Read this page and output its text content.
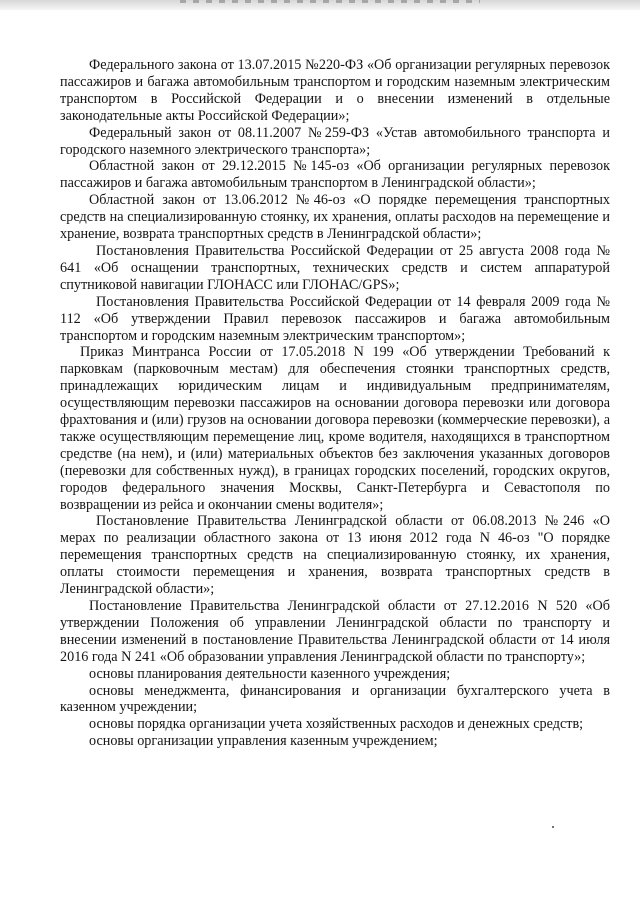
Федерального закона от 13.07.2015 №220-ФЗ «Об организации регулярных перевозок пассажиров и багажа автомобильным транспортом и городским наземным электрическим транспортом в Российской Федерации и о внесении изменений в отдельные законодательные акты Российской Федерации»;

Федеральный закон от 08.11.2007 №259-ФЗ «Устав автомобильного транспорта и городского наземного электрического транспорта»;

Областной закон от 29.12.2015 №145-оз «Об организации регулярных перевозок пассажиров и багажа автомобильным транспортом в Ленинградской области»;

Областной закон от 13.06.2012 №46-оз «О порядке перемещения транспортных средств на специализированную стоянку, их хранения, оплаты расходов на перемещение и хранение, возврата транспортных средств в Ленинградской области»;

Постановления Правительства Российской Федерации от 25 августа 2008 года № 641 «Об оснащении транспортных, технических средств и систем аппаратурой спутниковой навигации ГЛОНАСС или ГЛОНАС/GPS»;

Постановления Правительства Российской Федерации от 14 февраля 2009 года № 112 «Об утверждении Правил перевозок пассажиров и багажа автомобильным транспортом и городским наземным электрическим транспортом»;

Приказ Минтранса России от 17.05.2018 N 199 «Об утверждении Требований к парковкам (парковочным местам) для обеспечения стоянки транспортных средств, принадлежащих юридическим лицам и индивидуальным предпринимателям, осуществляющим перевозки пассажиров на основании договора перевозки или договора фрахтования и (или) грузов на основании договора перевозки (коммерческие перевозки), а также осуществляющим перемещение лиц, кроме водителя, находящихся в транспортном средстве (на нем), и (или) материальных объектов без заключения указанных договоров (перевозки для собственных нужд), в границах городских поселений, городских округов, городов федерального значения Москвы, Санкт-Петербурга и Севастополя по возвращении из рейса и окончании смены водителя»;

Постановление Правительства Ленинградской области от 06.08.2013 №246 «О мерах по реализации областного закона от 13 июня 2012 года N 46-оз "О порядке перемещения транспортных средств на специализированную стоянку, их хранения, оплаты стоимости перемещения и хранения, возврата транспортных средств в Ленинградской области»;

Постановление Правительства Ленинградской области от 27.12.2016 N 520 «Об утверждении Положения об управлении Ленинградской области по транспорту и внесении изменений в постановление Правительства Ленинградской области от 14 июля 2016 года N 241 «Об образовании управления Ленинградской области по транспорту»;

основы планирования деятельности казенного учреждения;

основы менеджмента, финансирования и организации бухгалтерского учета в казенном учреждении;

основы порядка организации учета хозяйственных расходов и денежных средств;

основы организации управления казенным учреждением;
